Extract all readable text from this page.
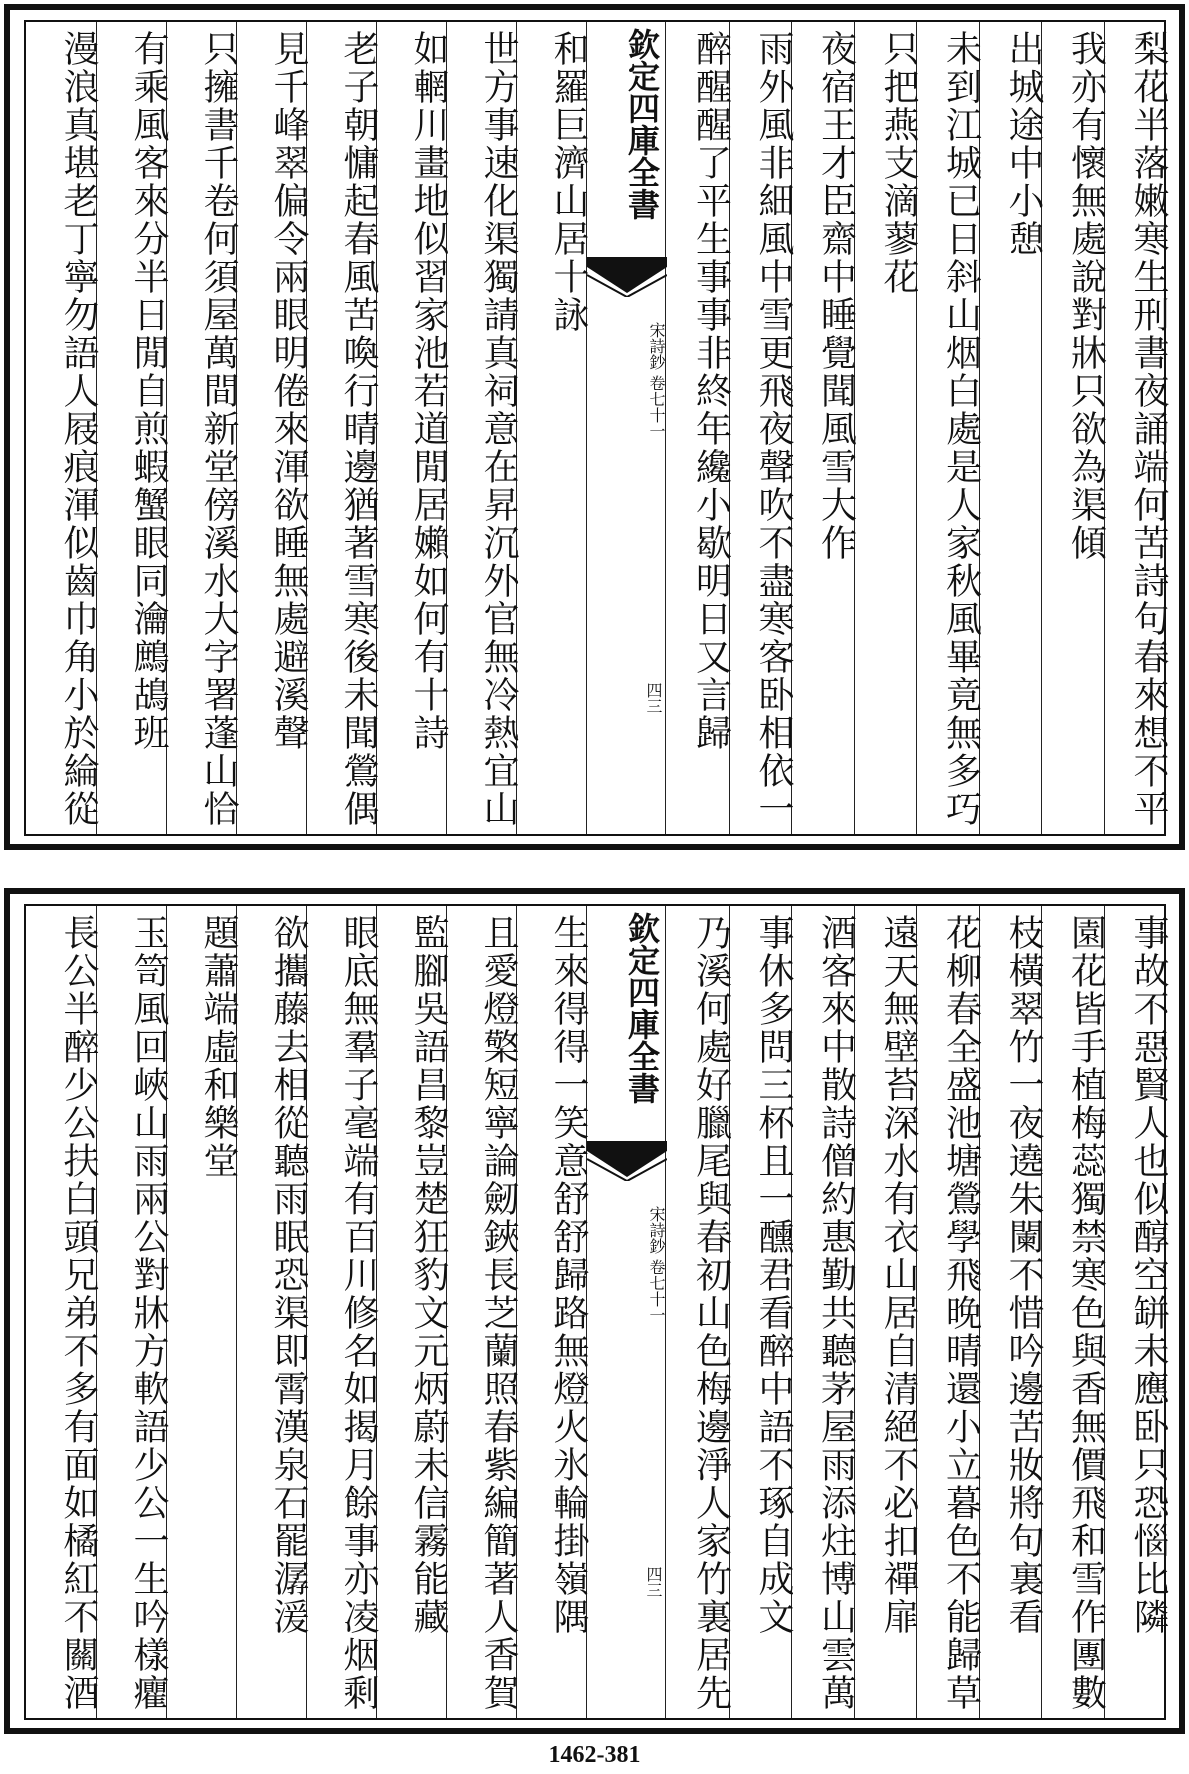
梨花半落嫩寒生刑書夜誦端何苦詩句春來想不平
我亦有懷無處說對牀只欲為渠傾
出城途中小憩
未到江城已日斜山烟白處是人家秋風畢竟無多巧
只把燕支滴蓼花
夜宿王才臣齋中睡覺聞風雪大作
雨外風非細風中雪更飛夜聲吹不盡寒客卧相依一
醉醒醒了平生事事非終年纔小歇明日又言歸
欽定四庫全書
宋詩鈔 卷七十一
四三
和羅巨濟山居十詠
世方事速化渠獨請真祠意在昇沉外官無冷熱宜山
如輞川畫地似習家池若道閒居嬾如何有十詩
老子朝慵起春風苦喚行晴邊猶著雪寒後未聞鶯偶
見千峰翠偏令兩眼明倦來渾欲睡無處避溪聲
只擁書千卷何須屋萬間新堂傍溪水大字署蓬山恰
有乘風客來分半日閒自煎蝦蟹眼同瀹鷓鴣班
漫浪真堪老丁寧勿語人屐痕渾似齒巾角小於綸從
事故不惡賢人也似醇空缾未應卧只恐惱比隣
園花皆手植梅蕊獨禁寒色與香無價飛和雪作團數
枝橫翠竹一夜遶朱闌不惜吟邊苦妝將句裏看
花柳春全盛池塘鶯學飛晚晴還小立暮色不能歸草
遠天無壁苔深水有衣山居自清絕不必扣禪扉
酒客來中散詩僧約惠勤共聽茅屋雨添炷博山雲萬
事休多問三杯且一醺君看醉中語不琢自成文
乃溪何處好臘尾與春初山色梅邊淨人家竹裏居先
欽定四庫全書
宋詩鈔 卷七十一
四三
生來得得一笑意舒舒歸路無燈火氷輪掛嶺隅
且愛燈檠短寧論劒鋏長芝蘭照春紫編簡著人香賀
監腳吳語昌黎豈楚狂豹文元炳蔚未信霧能藏
眼底無羣子毫端有百川修名如揭月餘事亦凌烟剩
欲攜藤去相從聽雨眠恐渠即霄漢泉石罷潺湲
題蕭端虛和樂堂
玉笥風回峽山雨兩公對牀方軟語少公一生吟樣癯
長公半醉少公扶白頭兄弟不多有面如橘紅不關酒
1462-381
